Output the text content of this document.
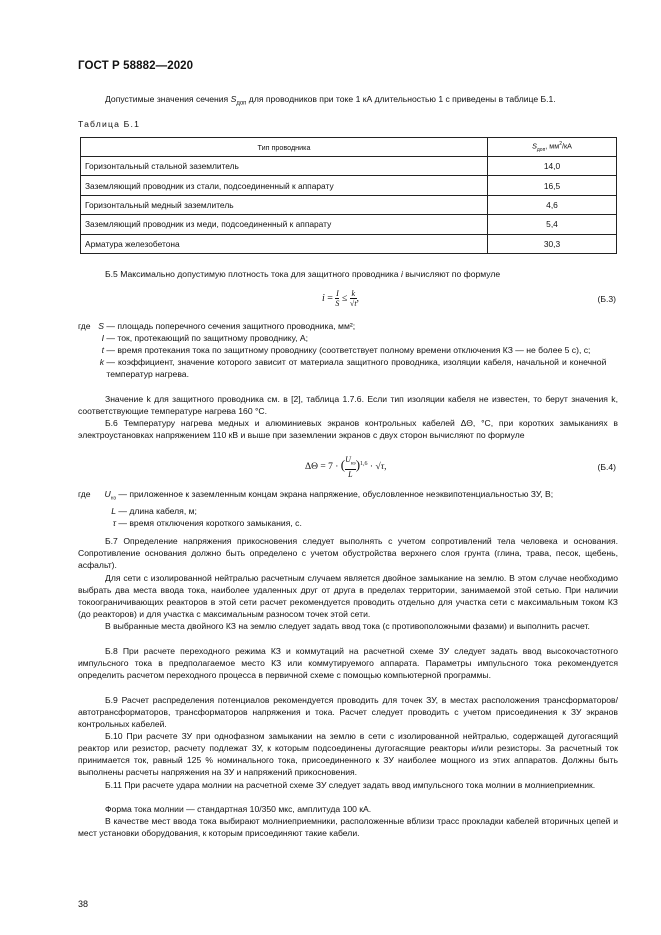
ГОСТ Р 58882—2020
Допустимые значения сечения $S_{доп}$ для проводников при токе 1 кА длительностью 1 с приведены в таблице Б.1.
Таблица Б.1
Тип проводника	$S_{доп}$, $мм^2/кА$
Горизонтальный стальной заземлитель	14,0
Заземляющий проводник из стали, подсоединенный к аппарату	16,5
Горизонтальный медный заземлитель	4,6
Заземляющий проводник из меди, подсоединенный к аппарату	5,4
Арматура железобетона	30,3
Б.5 Максимально допустимую плотность тока для защитного проводника i вычисляют по формуле
$i = \frac{I}{S} \le \frac{k}{√t}$ ,	(Б.3)
где S — площадь поперечного сечения защитного проводника, мм²;
I — ток, протекающий по защитному проводнику, А;
t — время протекания тока по защитному проводнику (соответствует полному времени отключения КЗ — не более 5 с), с;
k — коэффициент, значение которого зависит от материала защитного проводника, изоляции кабеля, начальной и конечной температур нагрева.
Значение k для защитного проводника см. в [2], таблица 1.7.6. Если тип изоляции кабеля не известен, то берут значения k, соответствующие температуре нагрева 160 °С.
Б.6 Температуру нагрева медных и алюминиевых экранов контрольных кабелей ΔΘ, °С, при коротких замыканиях в электроустановках напряжением 110 кВ и выше при заземлении экранов с двух сторон вычисляют по формуле
$\Delta\Theta = 7 \cdot (U_{нэ}$

L
)$^{1,6}$ · √τ,	(Б.4)
где	$U_{нэ}$ — приложенное к заземленным концам экрана напряжение, обусловленное неэквипотенциальностью ЗУ, В;
L — длина кабеля, м;
τ — время отключения короткого замыкания, с.
Б.7 Определение напряжения прикосновения следует выполнять с учетом сопротивлений тела человека и основания. Сопротивление основания должно быть определено с учетом обустройства верхнего слоя грунта (глина, трава, песок, щебень, асфальт).
Для сети с изолированной нейтралью расчетным случаем является двойное замыкание на землю. В этом случае необходимо выбрать два места ввода тока, наиболее удаленных друг от друга в пределах территории, занимаемой этой сетью. При наличии токоограничивающих реакторов в этой сети расчет рекомендуется проводить отдельно для участка сети с максимальным током КЗ (до реакторов) и для участка с максимальным разносом точек этой сети.
В выбранные места двойного КЗ на землю следует задать ввод тока (с противоположными фазами) и выполнить расчет.
Б.8 При расчете переходного режима КЗ и коммутаций на расчетной схеме ЗУ следует задать ввод высокочастотного импульсного тока в предполагаемое место КЗ или коммутируемого аппарата. Параметры импульсного тока рекомендуется определить расчетом переходного процесса в первичной схеме с помощью компьютерной программы.
Б.9 Расчет распределения потенциалов рекомендуется проводить для точек ЗУ, в местах расположения трансформаторов/автотрансформаторов, трансформаторов напряжения и тока. Расчет следует проводить с учетом присоединения к ЗУ экранов контрольных кабелей.
Б.10 При расчете ЗУ при однофазном замыкании на землю в сети с изолированной нейтралью, содержащей дугогасящий реактор или резистор, расчету подлежат ЗУ, к которым подсоединены дугогасящие реакторы и/или резисторы. За расчетный ток принимается ток, равный 125 % номинального тока, присоединенного к ЗУ наиболее мощного из этих аппаратов. Должны быть выполнены расчеты напряжения на ЗУ и напряжений прикосновения.
Б.11 При расчете удара молнии на расчетной схеме ЗУ следует задать ввод импульсного тока молнии в молниеприемник.
Форма тока молнии — стандартная 10/350 мкс, амплитуда 100 кА.
В качестве мест ввода тока выбирают молниеприемники, расположенные вблизи трасс прокладки кабелей вторичных цепей и мест установки оборудования, к которым присоединяют такие кабели.
38
